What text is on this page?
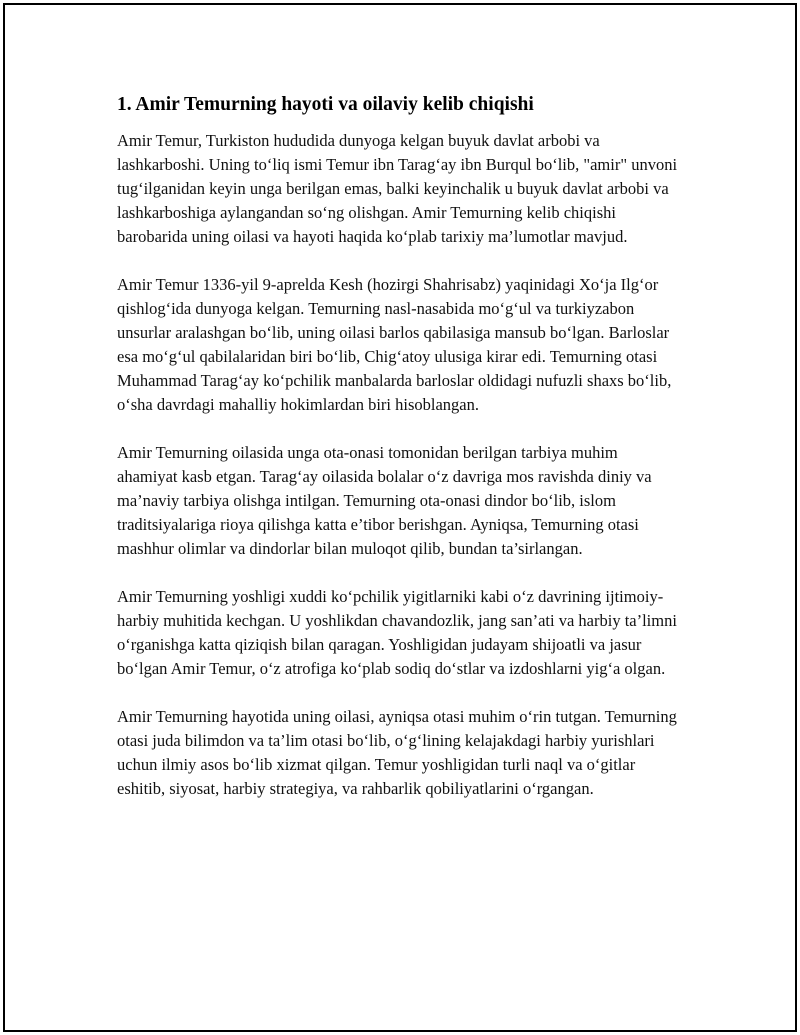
1. Amir Temurning hayoti va oilaviy kelib chiqishi

Amir Temur, Turkiston hududida dunyoga kelgan buyuk davlat arbobi va lashkarboshi. Uning to‘liq ismi Temur ibn Tarag‘ay ibn Burqul bo‘lib, "amir" unvoni tug‘ilganidan keyin unga berilgan emas, balki keyinchalik u buyuk davlat arbobi va lashkarboshiga aylangandan so‘ng olishgan. Amir Temurning kelib chiqishi barobarida uning oilasi va hayoti haqida ko‘plab tarixiy ma’lumotlar mavjud.

Amir Temur 1336-yil 9-aprelda Kesh (hozirgi Shahrisabz) yaqinidagi Xo‘ja Ilg‘or qishlog‘ida dunyoga kelgan. Temurning nasl-nasabida mo‘g‘ul va turkiyzabon unsurlar aralashgan bo‘lib, uning oilasi barlos qabilasiga mansub bo‘lgan. Barloslar esa mo‘g‘ul qabilalaridan biri bo‘lib, Chig‘atoy ulusiga kirar edi. Temurning otasi Muhammad Tarag‘ay ko‘pchilik manbalarda barloslar oldidagi nufuzli shaxs bo‘lib, o‘sha davrdagi mahalliy hokimlardan biri hisoblangan.

Amir Temurning oilasida unga ota-onasi tomonidan berilgan tarbiya muhim ahamiyat kasb etgan. Tarag‘ay oilasida bolalar o‘z davriga mos ravishda diniy va ma’naviy tarbiya olishga intilgan. Temurning ota-onasi dindor bo‘lib, islom traditsiyalariga rioya qilishga katta e’tibor berishgan. Ayniqsa, Temurning otasi mashhur olimlar va dindorlar bilan muloqot qilib, bundan ta’sirlangan.

Amir Temurning yoshligi xuddi ko‘pchilik yigitlarniki kabi o‘z davrining ijtimoiy-harbiy muhitida kechgan. U yoshlikdan chavandozlik, jang san’ati va harbiy ta’limni o‘rganishga katta qiziqish bilan qaragan. Yoshligidan judayam shijoatli va jasur bo‘lgan Amir Temur, o‘z atrofiga ko‘plab sodiq do‘stlar va izdoshlarni yig‘a olgan.

Amir Temurning hayotida uning oilasi, ayniqsa otasi muhim o‘rin tutgan. Temurning otasi juda bilimdon va ta’lim otasi bo‘lib, o‘g‘lining kelajakdagi harbiy yurishlari uchun ilmiy asos bo‘lib xizmat qilgan. Temur yoshligidan turli naql va o‘gitlar eshitib, siyosat, harbiy strategiya, va rahbarlik qobiliyatlarini o‘rgangan.
